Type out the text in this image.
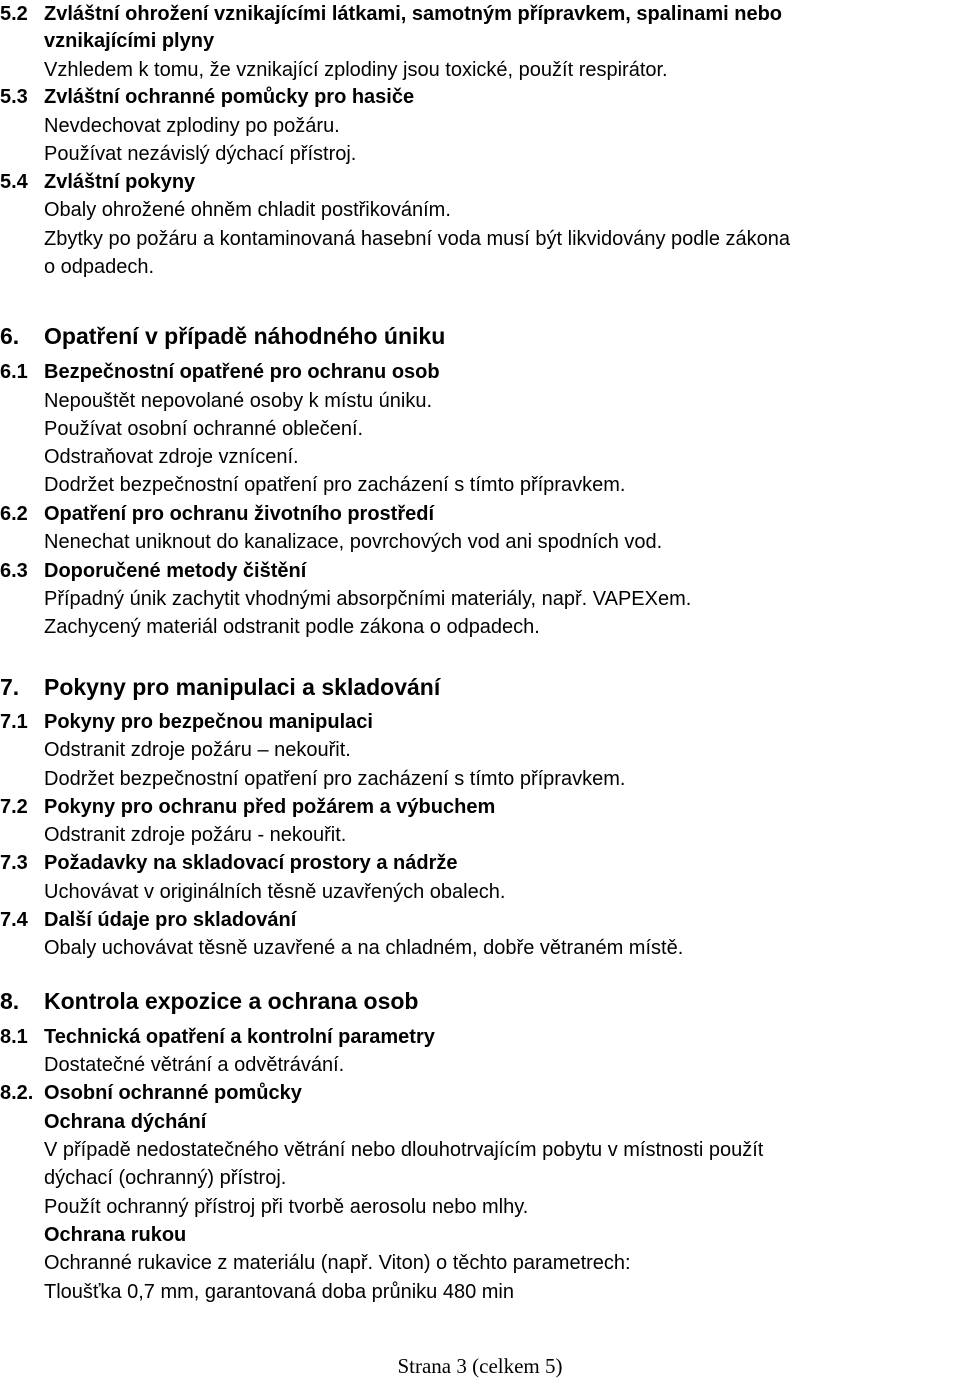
5.2 Zvláštní ohrožení vznikajícími látkami, samotným přípravkem, spalinami nebo
vznikajícími plyny
Vzhledem k tomu, že vznikající zplodiny jsou toxické, použít respirátor.
5.3 Zvláštní ochranné pomůcky pro hasiče
Nevdechovat zplodiny po požáru.
Používat nezávislý dýchací přístroj.
5.4 Zvláštní pokyny
Obaly ohrožené ohněm chladit postřikováním.
Zbytky po požáru a kontaminovaná hasební voda musí být likvidovány podle zákona
o odpadech.
6. Opatření v případě náhodného úniku
6.1 Bezpečnostní opatřené pro ochranu osob
Nepouštět nepovolané osoby k místu úniku.
Používat osobní ochranné oblečení.
Odstraňovat zdroje vznícení.
Dodržet bezpečnostní opatření pro zacházení s tímto přípravkem.
6.2 Opatření pro ochranu životního prostředí
Nenechat uniknout do kanalizace, povrchových vod ani spodních vod.
6.3 Doporučené metody čištění
Případný únik zachytit vhodnými absorpčními materiály, např. VAPEXem.
Zachycený materiál odstranit podle zákona o odpadech.
7. Pokyny pro manipulaci a skladování
7.1 Pokyny pro bezpečnou manipulaci
Odstranit zdroje požáru – nekouřit.
Dodržet bezpečnostní opatření pro zacházení s tímto přípravkem.
7.2 Pokyny pro ochranu před požárem a výbuchem
Odstranit zdroje požáru - nekouřit.
7.3 Požadavky na skladovací prostory a nádrže
Uchovávat v originálních těsně uzavřených obalech.
7.4 Další údaje pro skladování
Obaly uchovávat těsně uzavřené a na chladném, dobře větraném místě.
8. Kontrola expozice a ochrana osob
8.1 Technická opatření a kontrolní parametry
Dostatečné větrání a odvětrávání.
8.2. Osobní ochranné pomůcky
Ochrana dýchání
V případě nedostatečného větrání nebo dlouhotrvajícím pobytu v místnosti použít
dýchací (ochranný) přístroj.
Použít ochranný přístroj při tvorbě aerosolu nebo mlhy.
Ochrana rukou
Ochranné rukavice z materiálu (např. Viton) o těchto parametrech:
Tloušťka 0,7 mm, garantovaná doba průniku 480 min
Strana 3 (celkem 5)
